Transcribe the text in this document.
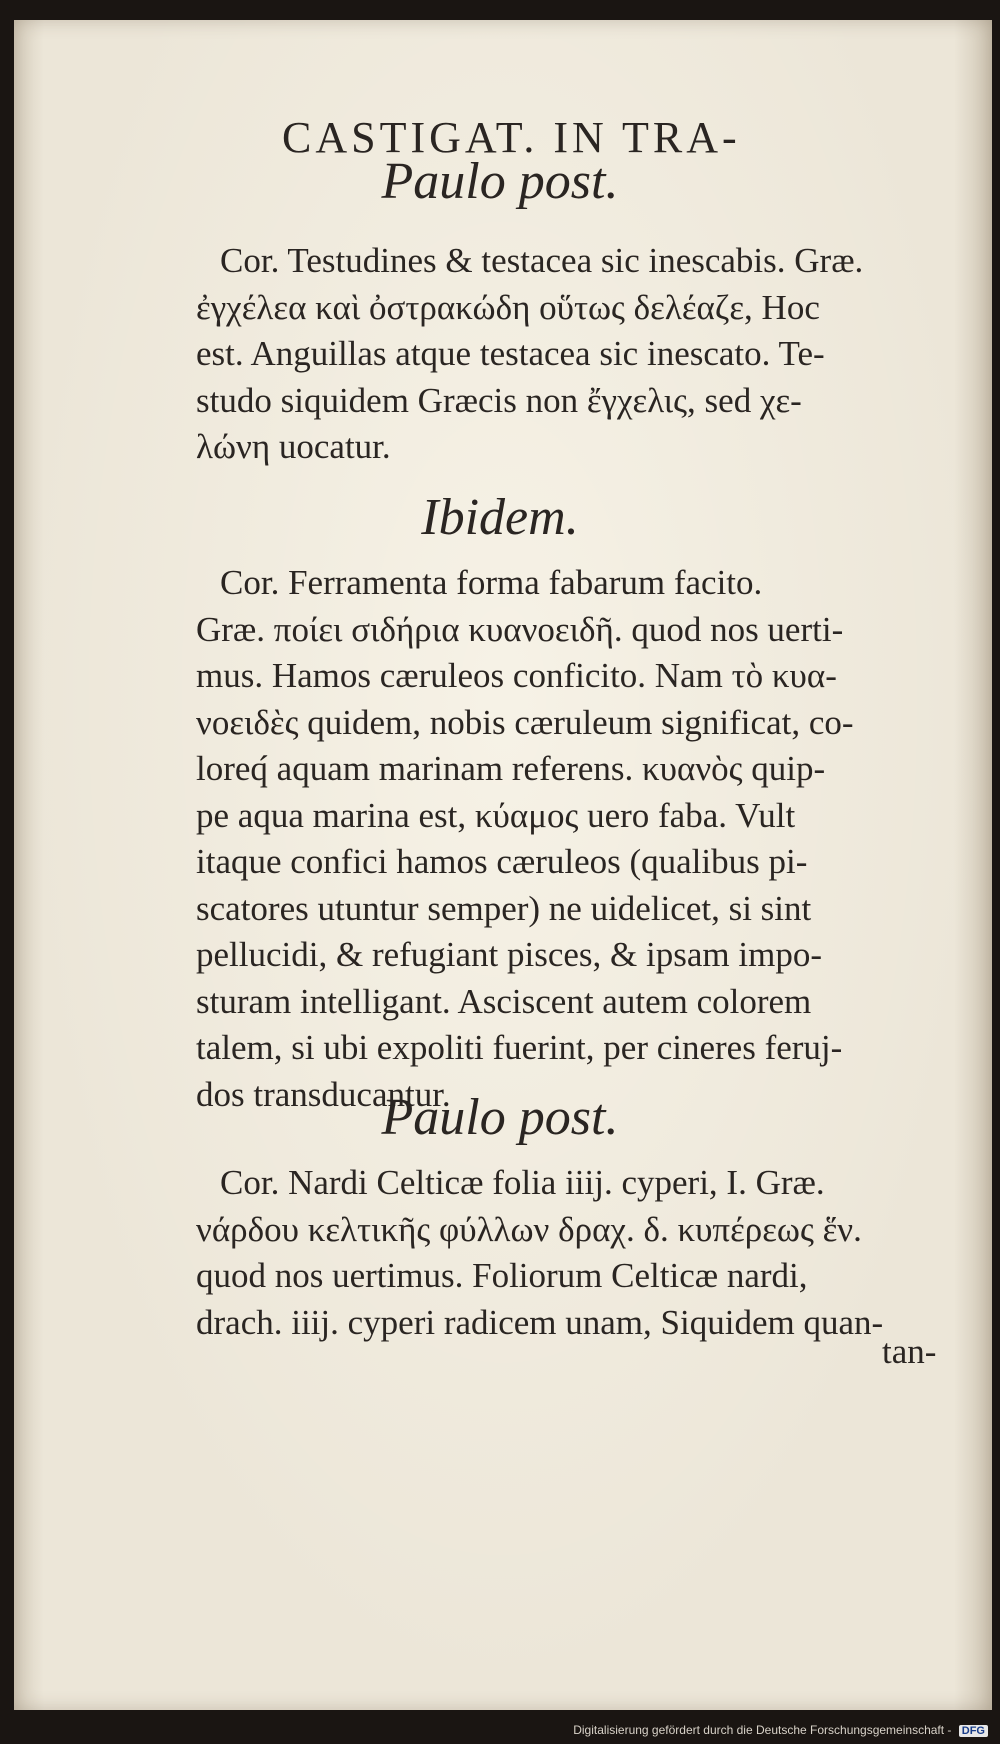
CASTIGAT. IN TRA-
Paulo post.
Cor. Testudines & testacea sic inescabis. Græ.
ἐγχέλεα καὶ ὀστρακώδη οὕτως δελέαζε, Hoc
est. Anguillas atque testacea sic inescato. Te-
studo siquidem Græcis non ἔγχελις, sed χε-
λώνη uocatur.
Ibidem.
Cor. Ferramenta forma fabarum facito.
Græ. ποίει σιδήρια κυανοειδῆ. quod nos uerti-
mus. Hamos cæruleos conficito. Nam τὸ κυα-
νοειδὲς quidem, nobis cæruleum significat, co-
loreq́ aquam marinam referens. κυανὸς quip-
pe aqua marina est, κύαμος uero faba. Vult
itaque confici hamos cæruleos (qualibus pi-
scatores utuntur semper) ne uidelicet, si sint
pellucidi, & refugiant pisces, & ipsam impo-
sturam intelligant. Asciscent autem colorem
talem, si ubi expoliti fuerint, per cineres feruj-
dos transducantur.
Paulo post.
Cor. Nardi Celticæ folia iiij. cyperi, I. Græ.
νάρδου κελτικῆς φύλλων δραχ. δ. κυπέρεως ἕν.
quod nos uertimus. Foliorum Celticæ nardi,
drach. iiij. cyperi radicem unam, Siquidem quan-
tan-
Digitalisierung gefördert durch die Deutsche Forschungsgemeinschaft - DFG
